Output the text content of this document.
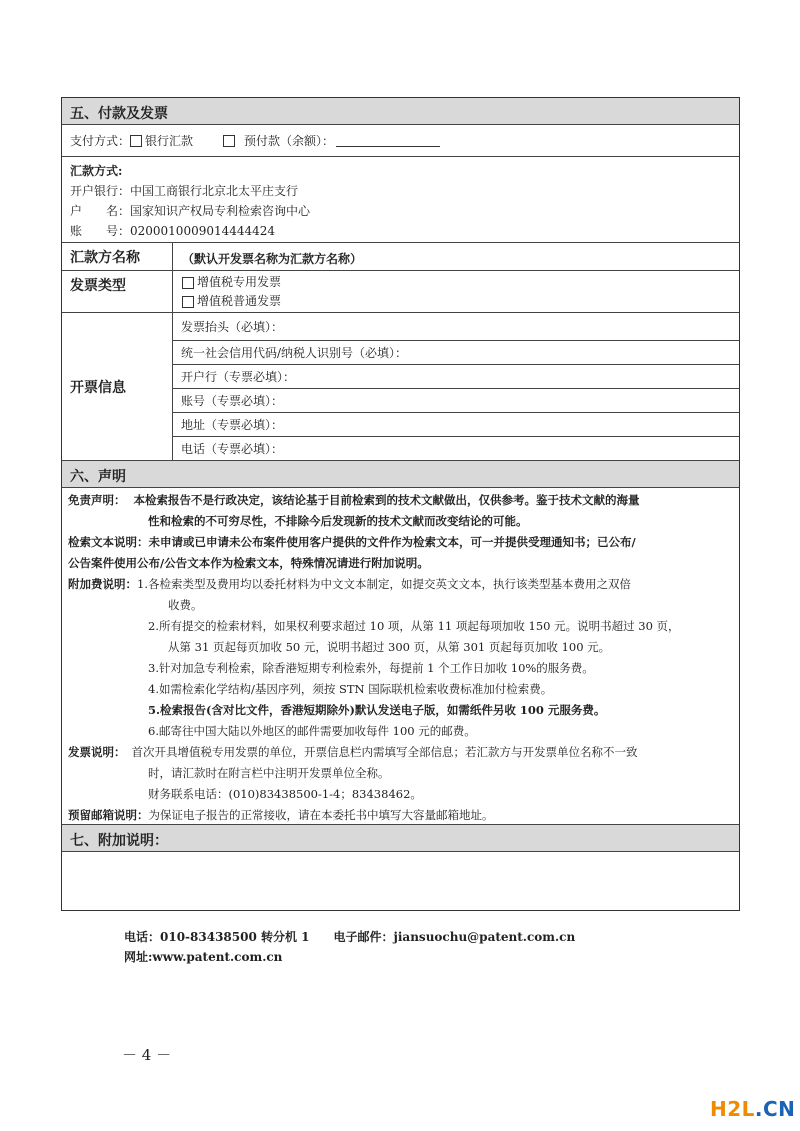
五、付款及发票
支付方式： 银行汇款	预付款（余额）：
汇款方式:
开户银行：中国工商银行北京北太平庄支行
户　　名：国家知识产权局专利检索咨询中心
账　　号：0200010009014444424
汇款方名称	（默认开发票名称为汇款方名称）
发票类型	增值税专用发票
增值税普通发票
开票信息
发票抬头（必填）：
统一社会信用代码/纳税人识别号（必填）：
开户行（专票必填）：
账号（专票必填）：
地址（专票必填）：
电话（专票必填）：
六、声明

免责声明： 本检索报告不是行政决定，该结论基于目前检索到的技术文献做出，仅供参考。鉴于技术文献的海量

性和检索的不可穷尽性，不排除今后发现新的技术文献而改变结论的可能。

检索文本说明：未申请或已申请未公布案件使用客户提供的文件作为检索文本，可一并提供受理通知书；已公布/

公告案件使用公布/公告文本作为检索文本，特殊情况请进行附加说明。

附加费说明：1.各检索类型及费用均以委托材料为中文文本制定，如提交英文文本，执行该类型基本费用之双倍

收费。

2.所有提交的检索材料，如果权利要求超过 10 项，从第 11 项起每项加收 150 元。说明书超过 30 页，

从第 31 页起每页加收 50 元，说明书超过 300 页，从第 301 页起每页加收 100 元。

3.针对加急专利检索，除香港短期专利检索外，每提前 1 个工作日加收 10%的服务费。

4.如需检索化学结构/基因序列，须按 STN 国际联机检索收费标准加付检索费。

5.检索报告(含对比文件，香港短期除外)默认发送电子版，如需纸件另收 100 元服务费。

6.邮寄往中国大陆以外地区的邮件需要加收每件 100 元的邮费。

发票说明： 首次开具增值税专用发票的单位，开票信息栏内需填写全部信息；若汇款方与开发票单位名称不一致

时，请汇款时在附言栏中注明开发票单位全称。

财务联系电话：(010)83438500-1-4；83438462。

预留邮箱说明：为保证电子报告的正常接收，请在本委托书中填写大容量邮箱地址。

七、附加说明：
电话：010-83438500 转分机 1　　电子邮件：jiansuochu@patent.com.cn
网址:www.patent.com.cn
－ 4 －
H2L.CN
